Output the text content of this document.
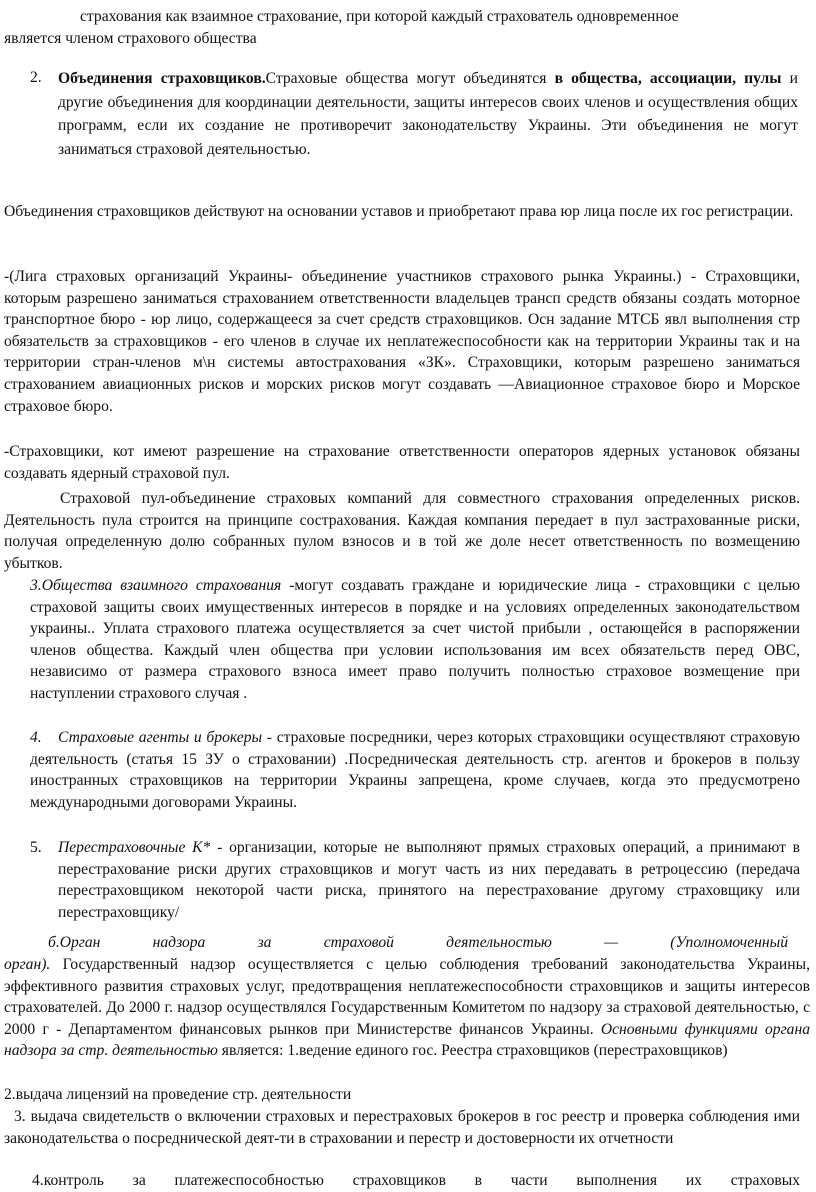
страхования как взаимное страхование, при которой каждый страхователь одновременное

является членом страхового общества

2. Объединения страховщиков.Страховые общества могут объединятся в общества, ассоциации, пулы и другие объединения для координации деятельности, защиты интересов своих членов и осуществления общих программ, если их создание не противоречит законодательству Украины. Эти объединения не могут заниматься страховой деятельностью.

Объединения страховщиков действуют на основании уставов и приобретают права юр лица после их гос регистрации.

-(Лига страховых организаций Украины- объединение участников страхового рынка Украины.) - Страховщики, которым разрешено заниматься страхованием ответственности владельцев трансп средств обязаны создать моторное транспортное бюро - юр лицо, содержащееся за счет средств страховщиков. Осн задание МТСБ явл выполнения стр обязательств за страховщиков - его членов в случае их неплатежеспособности как на территории Украины так и на территории стран-членов м\н системы автострахования «ЗК». Страховщики, которым разрешено заниматься страхованием авиационных рисков и морских рисков могут создавать —Авиационное страховое бюро и Морское страховое бюро.

-Страховщики, кот имеют разрешение на страхование ответственности операторов ядерных установок обязаны создавать ядерный страховой пул.

Страховой пул-объединение страховых компаний для совместного страхования определенных рисков. Деятельность пула строится на принципе сострахования. Каждая компания передает в пул застрахованные риски, получая определенную долю собранных пулом взносов и в той же доле несет ответственность по возмещению убытков.

3.Общества взаимного страхования -могут создавать граждане и юридические лица - страховщики с целью страховой защиты своих имущественных интересов в порядке и на условиях определенных законодательством украины.. Уплата страхового платежа осуществляется за счет чистой прибыли , остающейся в распоряжении членов общества. Каждый член общества при условии использования им всех обязательств перед ОВС, независимо от размера страхового взноса имеет право получить полностью страховое возмещение при наступлении страхового случая .

4.	Страховые агенты и брокеры - страховые посредники, через которых страховщики осуществляют страховую деятельность (статья 15 ЗУ о страховании) .Посредническая деятельность стр. агентов и брокеров в пользу иностранных страховщиков на территории Украины запрещена, кроме случаев, когда это предусмотрено международными договорами Украины.

5. Перестраховочные К* - организации, которые не выполняют прямых страховых операций, а принимают в перестрахование риски других страховщиков и могут часть из них передавать в ретроцессию (передача перестраховщиком некоторой части риска, принятого на перестрахование другому страховщику или перестраховщику/

б.Орган надзора за страховой деятельностью — (Уполномоченный

орган). Государственный надзор осуществляется с целью соблюдения требований законодательства Украины, эффективного развития страховых услуг, предотвращения неплатежеспособности страховщиков и защиты интересов страхователей. До 2000 г. надзор осуществлялся Государственным Комитетом по надзору за страховой деятельностью, с 2000 г - Департаментом финансовых рынков при Министерстве финансов Украины. Основными функциями органа надзора за стр. деятельностью является: 1.ведение единого гос. Реестра страховщиков (перестраховщиков)

2.выдача лицензий на проведение стр. деятельности

3. выдача свидетельств о включении страховых и перестраховых брокеров в гос реестр и проверка соблюдения ими законодательства о посреднической деят-ти в страховании и перестр и достоверности их отчетности

4.контроль за платежеспособностью страховщиков в части выполнения их страховых
